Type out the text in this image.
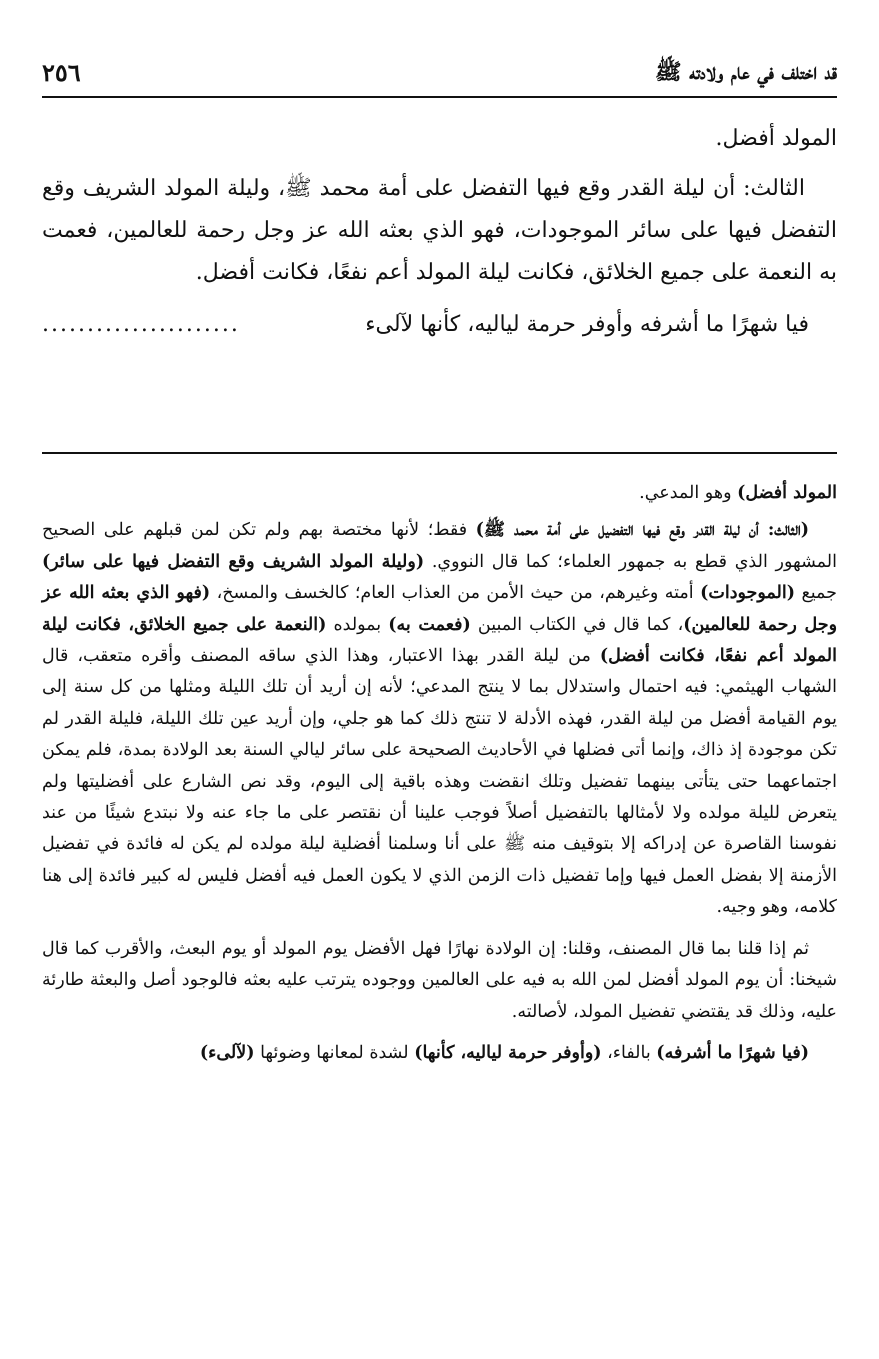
٢٥٦	قد اختلف في عام ولادته ﷺ

المولد أفضل.

الثالث: أن ليلة القدر وقع فيها التفضل على أمة محمد ﷺ، وليلة المولد الشريف وقع التفضل فيها على سائر الموجودات، فهو الذي بعثه الله عز وجل رحمة للعالمين، فعمت به النعمة على جميع الخلائق، فكانت ليلة المولد أعم نفعًا، فكانت أفضل.

فيا شهرًا ما أشرفه وأوفر حرمة لياليه، كأنها لآلىء
......................

المولد أفضل) وهو المدعي.

(الثالث: أن ليلة القدر وقع فيها التفضيل على أمة محمد ﷺ) فقط؛ لأنها مختصة بهم ولم تكن لمن قبلهم على الصحيح المشهور الذي قطع به جمهور العلماء؛ كما قال النووي. (وليلة المولد الشريف وقع التفضل فيها على سائر) جميع (الموجودات) أمته وغيرهم، من حيث الأمن من العذاب العام؛ كالخسف والمسخ، (فهو الذي بعثه الله عز وجل رحمة للعالمين)، كما قال في الكتاب المبين (فعمت به) بمولده (النعمة على جميع الخلائق، فكانت ليلة المولد أعم نفعًا، فكانت أفضل) من ليلة القدر بهذا الاعتبار، وهذا الذي ساقه المصنف وأقره متعقب، قال الشهاب الهيثمي: فيه احتمال واستدلال بما لا ينتج المدعي؛ لأنه إن أريد أن تلك الليلة ومثلها من كل سنة إلى يوم القيامة أفضل من ليلة القدر، فهذه الأدلة لا تنتج ذلك كما هو جلي، وإن أريد عين تلك الليلة، فليلة القدر لم تكن موجودة إذ ذاك، وإنما أتى فضلها في الأحاديث الصحيحة على سائر ليالي السنة بعد الولادة بمدة، فلم يمكن اجتماعهما حتى يتأتى بينهما تفضيل وتلك انقضت وهذه باقية إلى اليوم، وقد نص الشارع على أفضليتها ولم يتعرض لليلة مولده ولا لأمثالها بالتفضيل أصلاً فوجب علينا أن نقتصر على ما جاء عنه ولا نبتدع شيئًا من عند نفوسنا القاصرة عن إدراكه إلا بتوقيف منه ﷺ على أنا وسلمنا أفضلية ليلة مولده لم يكن له فائدة في تفضيل الأزمنة إلا بفضل العمل فيها وإما تفضيل ذات الزمن الذي لا يكون العمل فيه أفضل فليس له كبير فائدة إلى هنا كلامه، وهو وجيه.

ثم إذا قلنا بما قال المصنف، وقلنا: إن الولادة نهارًا فهل الأفضل يوم المولد أو يوم البعث، والأقرب كما قال شيخنا: أن يوم المولد أفضل لمن الله به فيه على العالمين ووجوده يترتب عليه بعثه فالوجود أصل والبعثة طارئة عليه، وذلك قد يقتضي تفضيل المولد، لأصالته.

(فيا شهرًا ما أشرفه) بالفاء، (وأوفر حرمة لياليه، كأنها) لشدة لمعانها وضوئها (لآلىء)
